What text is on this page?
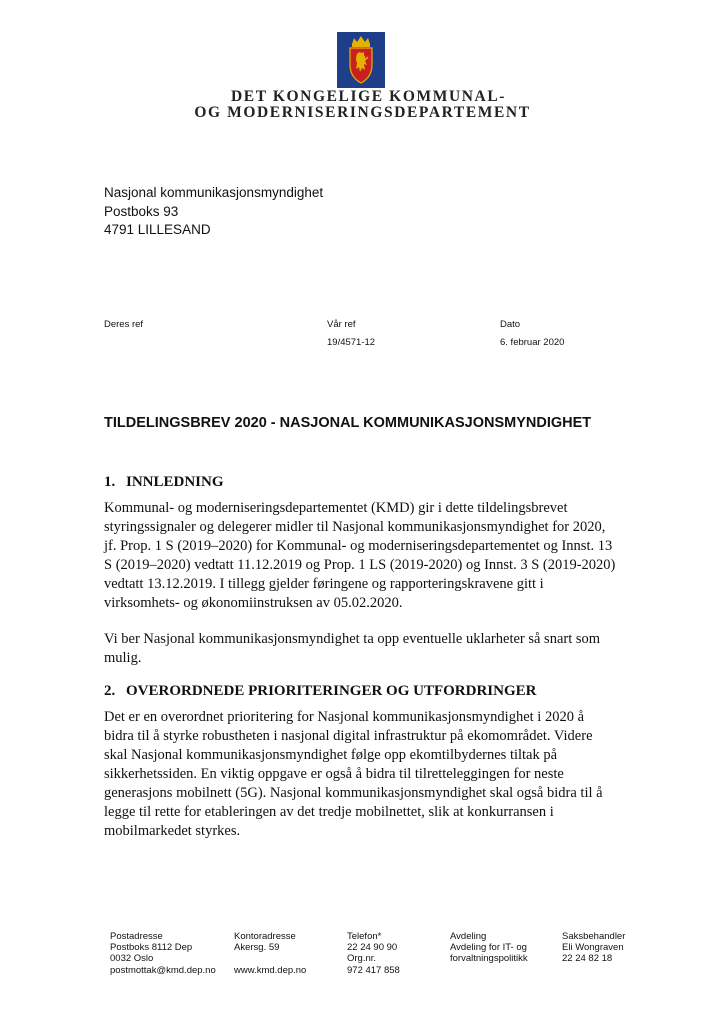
DET KONGELIGE KOMMUNAL-
OG MODERNISERINGSDEPARTEMENT
Nasjonal kommunikasjonsmyndighet
Postboks 93
4791 LILLESAND
Deres ref	Vår ref
19/4571-12
Dato
6. februar 2020
TILDELINGSBREV 2020 - NASJONAL KOMMUNIKASJONSMYNDIGHET
1. INNLEDNING
Kommunal- og moderniseringsdepartementet (KMD) gir i dette tildelingsbrevet
styringssignaler og delegerer midler til Nasjonal kommunikasjonsmyndighet for 2020,
jf. Prop. 1 S (2019–2020) for Kommunal- og moderniseringsdepartementet og Innst. 13
S (2019–2020) vedtatt 11.12.2019 og Prop. 1 LS (2019-2020) og Innst. 3 S (2019-2020)
vedtatt 13.12.2019. I tillegg gjelder føringene og rapporteringskravene gitt i
virksomhets- og økonomiinstruksen av 05.02.2020.
Vi ber Nasjonal kommunikasjonsmyndighet ta opp eventuelle uklarheter så snart som
mulig.
2. OVERORDNEDE PRIORITERINGER OG UTFORDRINGER
Det er en overordnet prioritering for Nasjonal kommunikasjonsmyndighet i 2020 å
bidra til å styrke robustheten i nasjonal digital infrastruktur på ekomområdet. Videre
skal Nasjonal kommunikasjonsmyndighet følge opp ekomtilbydernes tiltak på
sikkerhetssiden. En viktig oppgave er også å bidra til tilretteleggingen for neste
generasjons mobilnett (5G). Nasjonal kommunikasjonsmyndighet skal også bidra til å
legge til rette for etableringen av det tredje mobilnettet, slik at konkurransen i
mobilmarkedet styrkes.
Postadresse
Postboks 8112 Dep
0032 Oslo
postmottak@kmd.dep.no
Kontoradresse
Akersg. 59
www.kmd.dep.no
Telefon*
22 24 90 90
Org.nr.
972 417 858
Avdeling
Avdeling for IT- og
forvaltningspolitikk
Saksbehandler
Eli Wongraven
22 24 82 18
